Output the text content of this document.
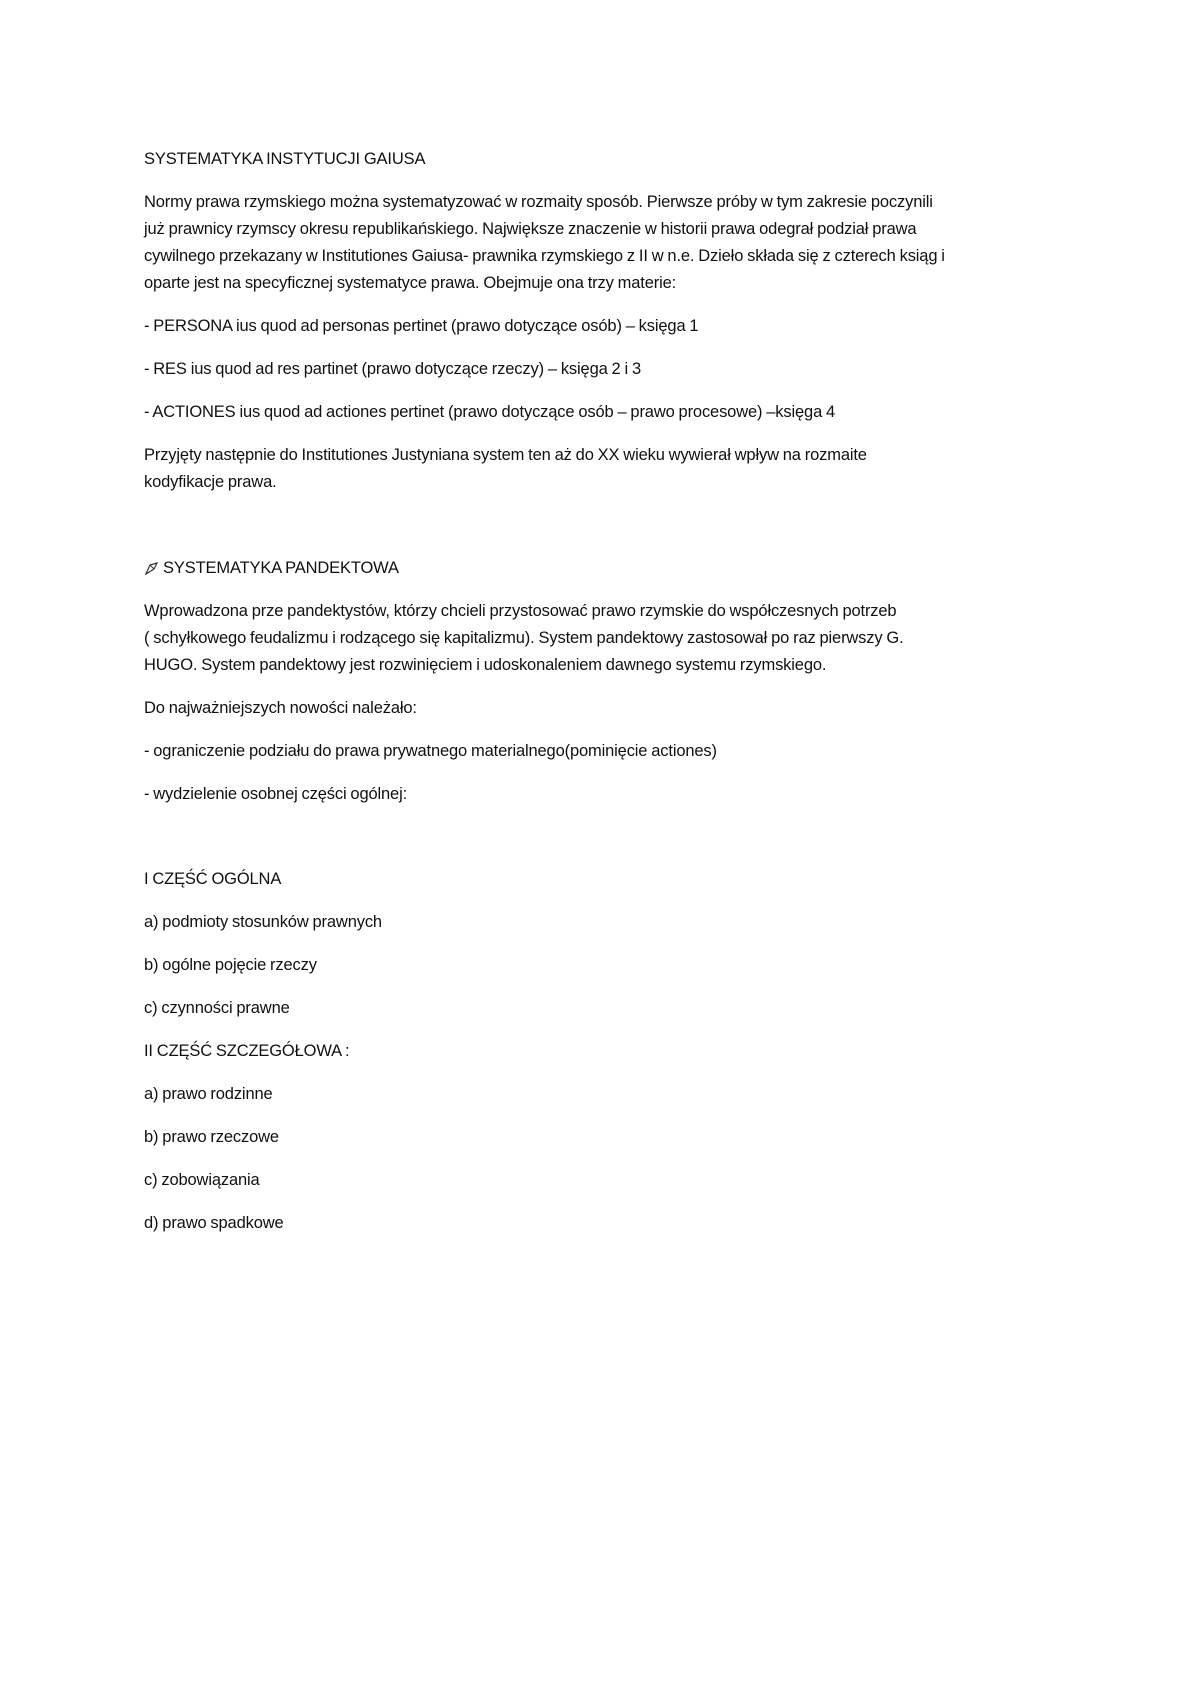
SYSTEMATYKA INSTYTUCJI GAIUSA

Normy prawa rzymskiego można systematyzować w rozmaity sposób. Pierwsze próby w tym zakresie poczynili

już prawnicy rzymscy okresu republikańskiego. Największe znaczenie w historii prawa odegrał podział prawa

cywilnego przekazany w Institutiones Gaiusa- prawnika rzymskiego z II w n.e. Dzieło składa się z czterech ksiąg i

oparte jest na specyficznej systematyce prawa. Obejmuje ona trzy materie:

- PERSONA ius quod ad personas pertinet (prawo dotyczące osób) – księga 1

- RES ius quod ad res partinet (prawo dotyczące rzeczy) – księga 2 i 3

- ACTIONES ius quod ad actiones pertinet (prawo dotyczące osób – prawo procesowe) –księga 4

Przyjęty następnie do Institutiones Justyniana system ten aż do XX wieku wywierał wpływ na rozmaite

kodyfikacje prawa.

SYSTEMATYKA PANDEKTOWA

Wprowadzona prze pandektystów, którzy chcieli przystosować prawo rzymskie do współczesnych potrzeb

( schyłkowego feudalizmu i rodzącego się kapitalizmu). System pandektowy zastosował po raz pierwszy G.

HUGO. System pandektowy jest rozwinięciem i udoskonaleniem dawnego systemu rzymskiego.

Do najważniejszych nowości należało:

- ograniczenie podziału do prawa prywatnego materialnego(pominięcie actiones)

- wydzielenie osobnej części ogólnej:

I CZĘŚĆ OGÓLNA

a) podmioty stosunków prawnych

b) ogólne pojęcie rzeczy

c) czynności prawne

II CZĘŚĆ SZCZEGÓŁOWA :

a) prawo rodzinne

b) prawo rzeczowe

c) zobowiązania

d) prawo spadkowe
